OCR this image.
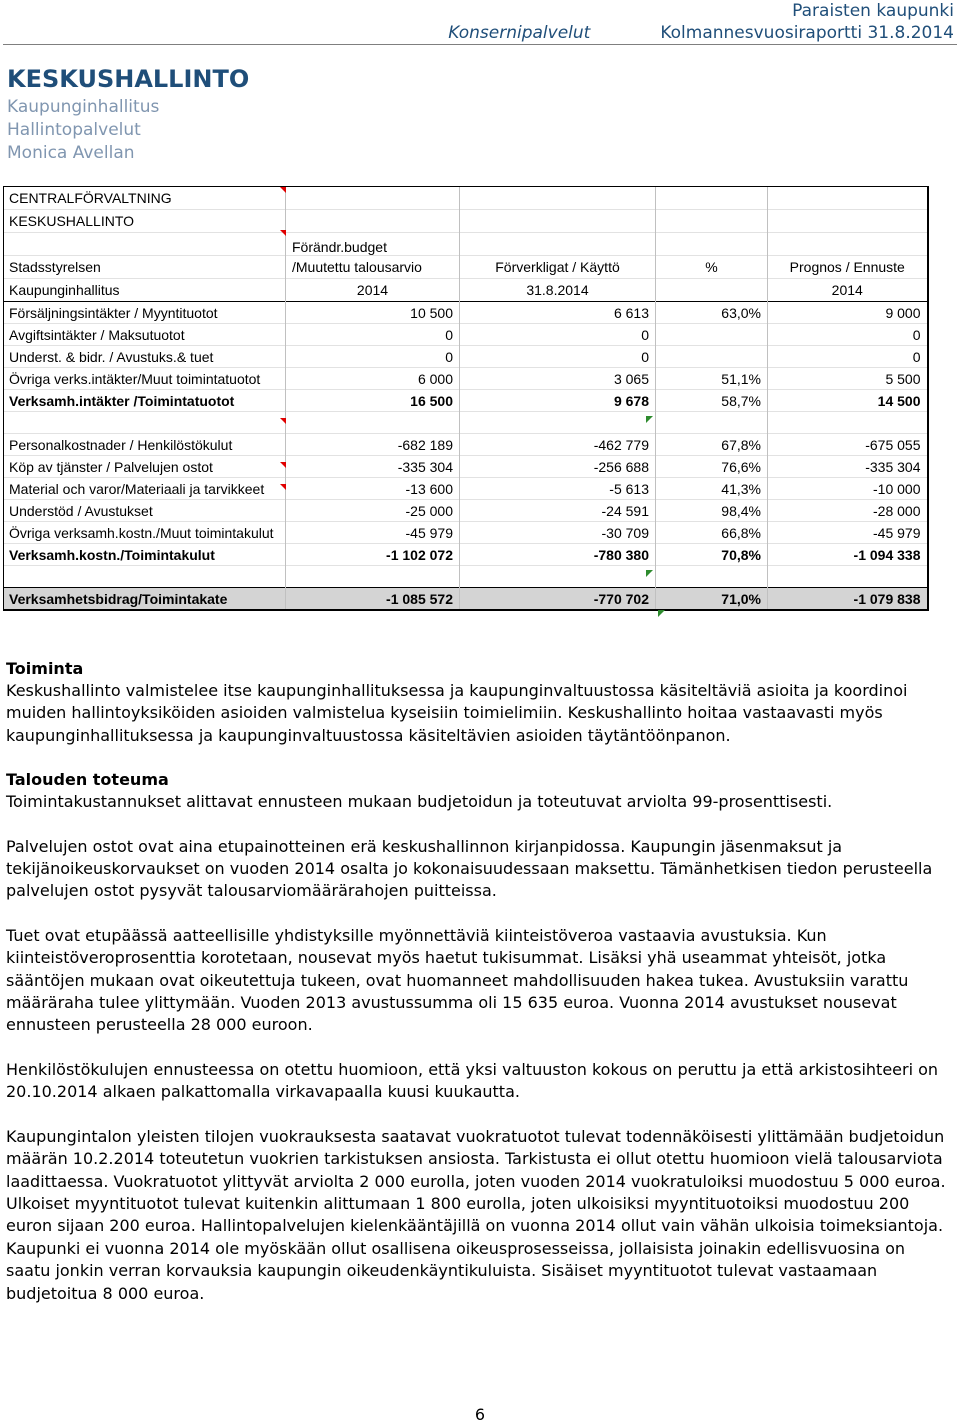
Paraisten kaupunki
Konsernipalvelut	Kolmannesvuosiraportti 31.8.2014
KESKUSHALLINTO
Kaupunginhallitus
Hallintopalvelut
Monica Avellan
CENTRALFÖRVALTNING				
KESKUSHALLINTO				
	Förändr.budget			
Stadsstyrelsen	/Muutettu talousarvio	Förverkligat / Käyttö	%	Prognos / Ennuste
Kaupunginhallitus	2014	31.8.2014		2014
Försäljningsintäkter / Myyntituotot	10 500	6 613	63,0%	9 000
Avgiftsintäkter / Maksutuotot	0	0		0
Underst. & bidr. / Avustuks.& tuet	0	0		0
Övriga verks.intäkter/Muut toimintatuotot	6 000	3 065	51,1%	5 500
Verksamh.intäkter /Toimintatuotot	16 500	9 678	58,7%	14 500

Personalkostnader / Henkilöstökulut	-682 189	-462 779	67,8%	-675 055
Köp av tjänster / Palvelujen ostot	-335 304	-256 688	76,6%	-335 304
Material och varor/Materiaali ja tarvikkeet	-13 600	-5 613	41,3%	-10 000
Understöd / Avustukset	-25 000	-24 591	98,4%	-28 000
Övriga verksamh.kostn./Muut toimintakulut	-45 979	-30 709	66,8%	-45 979
Verksamh.kostn./Toimintakulut	-1 102 072	-780 380	70,8%	-1 094 338

Verksamhetsbidrag/Toimintakate	-1 085 572	-770 702	71,0%	-1 079 838
Toiminta

Keskushallinto valmistelee itse kaupunginhallituksessa ja kaupunginvaltuustossa käsiteltäviä asioita ja koordinoi muiden hallintoyksiköiden asioiden valmistelua kyseisiin toimielimiin. Keskushallinto hoitaa vastaavasti myös kaupunginhallituksessa ja kaupunginvaltuustossa käsiteltävien asioiden täytäntöönpanon.

Talouden toteuma

Toimintakustannukset alittavat ennusteen mukaan budjetoidun ja toteutuvat arviolta 99-prosenttisesti.

Palvelujen ostot ovat aina etupainotteinen erä keskushallinnon kirjanpidossa. Kaupungin jäsenmaksut ja tekijänoikeuskorvaukset on vuoden 2014 osalta jo kokonaisuudessaan maksettu. Tämänhetkisen tiedon perusteella palvelujen ostot pysyvät talousarviomäärärahojen puitteissa.

Tuet ovat etupäässä aatteellisille yhdistyksille myönnettäviä kiinteistöveroa vastaavia avustuksia. Kun kiinteistöveroprosenttia korotetaan, nousevat myös haetut tukisummat. Lisäksi yhä useammat yhteisöt, jotka sääntöjen mukaan ovat oikeutettuja tukeen, ovat huomanneet mahdollisuuden hakea tukea. Avustuksiin varattu määräraha tulee ylittymään. Vuoden 2013 avustussumma oli 15 635 euroa. Vuonna 2014 avustukset nousevat ennusteen perusteella 28 000 euroon.

Henkilöstökulujen ennusteessa on otettu huomioon, että yksi valtuuston kokous on peruttu ja että arkistosihteeri on 20.10.2014 alkaen palkattomalla virkavapaalla kuusi kuukautta.

Kaupungintalon yleisten tilojen vuokrauksesta saatavat vuokratuotot tulevat todennäköisesti ylittämään budjetoidun määrän 10.2.2014 toteutetun vuokrien tarkistuksen ansiosta. Tarkistusta ei ollut otettu huomioon vielä talousarviota laadittaessa. Vuokratuotot ylittyvät arviolta 2 000 eurolla, joten vuoden 2014 vuokratuloiksi muodostuu 5 000 euroa. Ulkoiset myyntituotot tulevat kuitenkin alittumaan 1 800 eurolla, joten ulkoisiksi myyntituotoiksi muodostuu 200 euron sijaan 200 euroa. Hallintopalvelujen kielenkääntäjillä on vuonna 2014 ollut vain vähän ulkoisia toimeksiantoja. Kaupunki ei vuonna 2014 ole myöskään ollut osallisena oikeusprosesseissa, jollaisista joinakin edellisvuosina on saatu jonkin verran korvauksia kaupungin oikeudenkäyntikuluista. Sisäiset myyntituotot tulevat vastaamaan budjetoitua 8 000 euroa.

6
